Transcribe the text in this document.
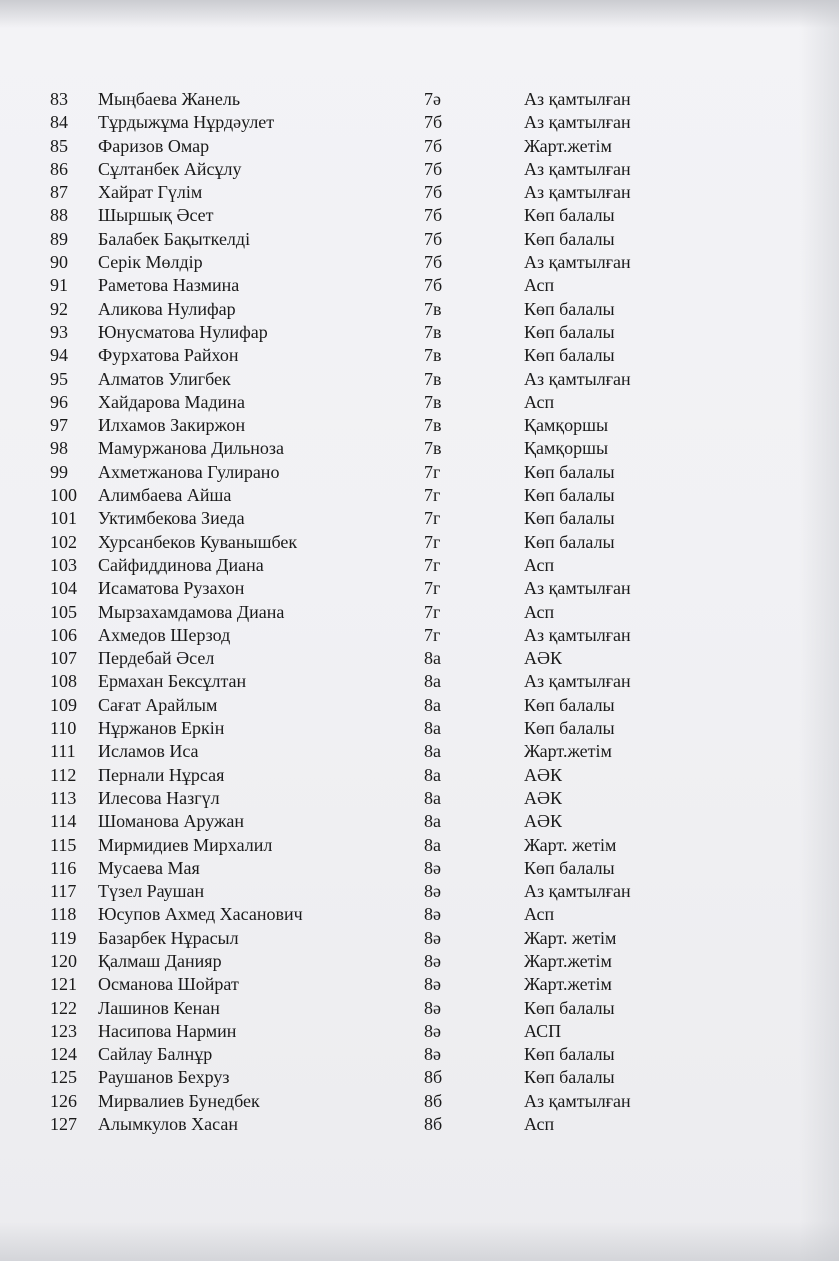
83	Мыңбаева Жанель	7ә	Аз қамтылған
84	Тұрдыжұма Нұрдәулет	7б	Аз қамтылған
85	Фаризов Омар	7б	Жарт.жетім
86	Сұлтанбек Айсұлу	7б	Аз қамтылған
87	Хайрат Гүлім	7б	Аз қамтылған
88	Шыршық Әсет	7б	Көп балалы
89	Балабек Бақыткелді	7б	Көп балалы
90	Серік Мөлдір	7б	Аз қамтылған
91	Раметова Назмина	7б	Асп
92	Аликова Нулифар	7в	Көп балалы
93	Юнусматова Нулифар	7в	Көп балалы
94	Фурхатова Райхон	7в	Көп балалы
95	Алматов Улигбек	7в	Аз қамтылған
96	Хайдарова Мадина	7в	Асп
97	Илхамов Закиржон	7в	Қамқоршы
98	Мамуржанова Дильноза	7в	Қамқоршы
99	Ахметжанова Гулирано	7г	Көп балалы
100	Алимбаева Айша	7г	Көп балалы
101	Уктимбекова Зиеда	7г	Көп балалы
102	Хурсанбеков Куванышбек	7г	Көп балалы
103	Сайфиддинова Диана	7г	Асп
104	Исаматова Рузахон	7г	Аз қамтылған
105	Мырзахамдамова Диана	7г	Асп
106	Ахмедов Шерзод	7г	Аз қамтылған
107	Пердебай Әсел	8а	АӘК
108	Ермахан Бексұлтан	8а	Аз қамтылған
109	Сағат Арайлым	8а	Көп балалы
110	Нұржанов Еркін	8а	Көп балалы
111	Исламов Иса	8а	Жарт.жетім
112	Пернали Нұрсая	8а	АӘК
113	Илесова Назгүл	8а	АӘК
114	Шоманова Аружан	8а	АӘК
115	Мирмидиев Мирхалил	8а	Жарт. жетім
116	Мусаева Мая	8ә	Көп балалы
117	Түзел Раушан	8ә	Аз қамтылған
118	Юсупов Ахмед Хасанович	8ә	Асп
119	Базарбек Нұрасыл	8ә	Жарт. жетім
120	Қалмаш Данияр	8ә	Жарт.жетім
121	Османова Шойрат	8ә	Жарт.жетім
122	Лашинов Кенан	8ә	Көп балалы
123	Насипова Нармин	8ә	АСП
124	Сайлау Балнұр	8ә	Көп балалы
125	Раушанов Бехруз	8б	Көп балалы
126	Мирвалиев Бунедбек	8б	Аз қамтылған
127	Алымкулов Хасан	8б	Асп
